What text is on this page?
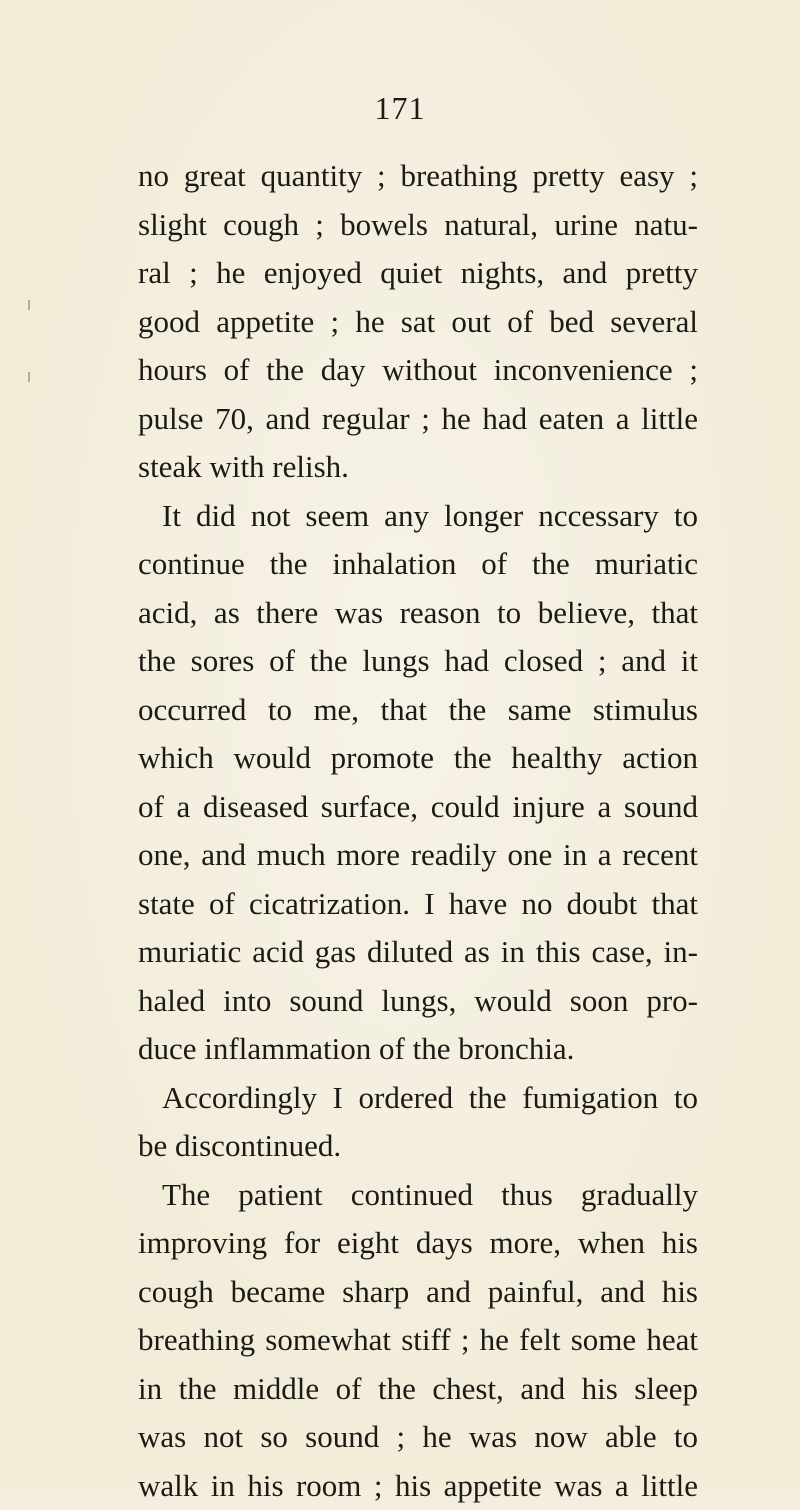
171
no great quantity ; breathing pretty easy ;
slight cough ; bowels natural, urine natu-
ral ; he enjoyed quiet nights, and pretty
good appetite ; he sat out of bed several
hours of the day without inconvenience ;
pulse 70, and regular ; he had eaten a little
steak with relish.
It did not seem any longer nccessary to
continue the inhalation of the muriatic
acid, as there was reason to believe, that
the sores of the lungs had closed ; and it
occurred to me, that the same stimulus
which would promote the healthy action
of a diseased surface, could injure a sound
one, and much more readily one in a recent
state of cicatrization. I have no doubt that
muriatic acid gas diluted as in this case, in-
haled into sound lungs, would soon pro-
duce inflammation of the bronchia.
Accordingly I ordered the fumigation to
be discontinued.
The patient continued thus gradually
improving for eight days more, when his
cough became sharp and painful, and his
breathing somewhat stiff ; he felt some heat
in the middle of the chest, and his sleep
was not so sound ; he was now able to
walk in his room ; his appetite was a little
